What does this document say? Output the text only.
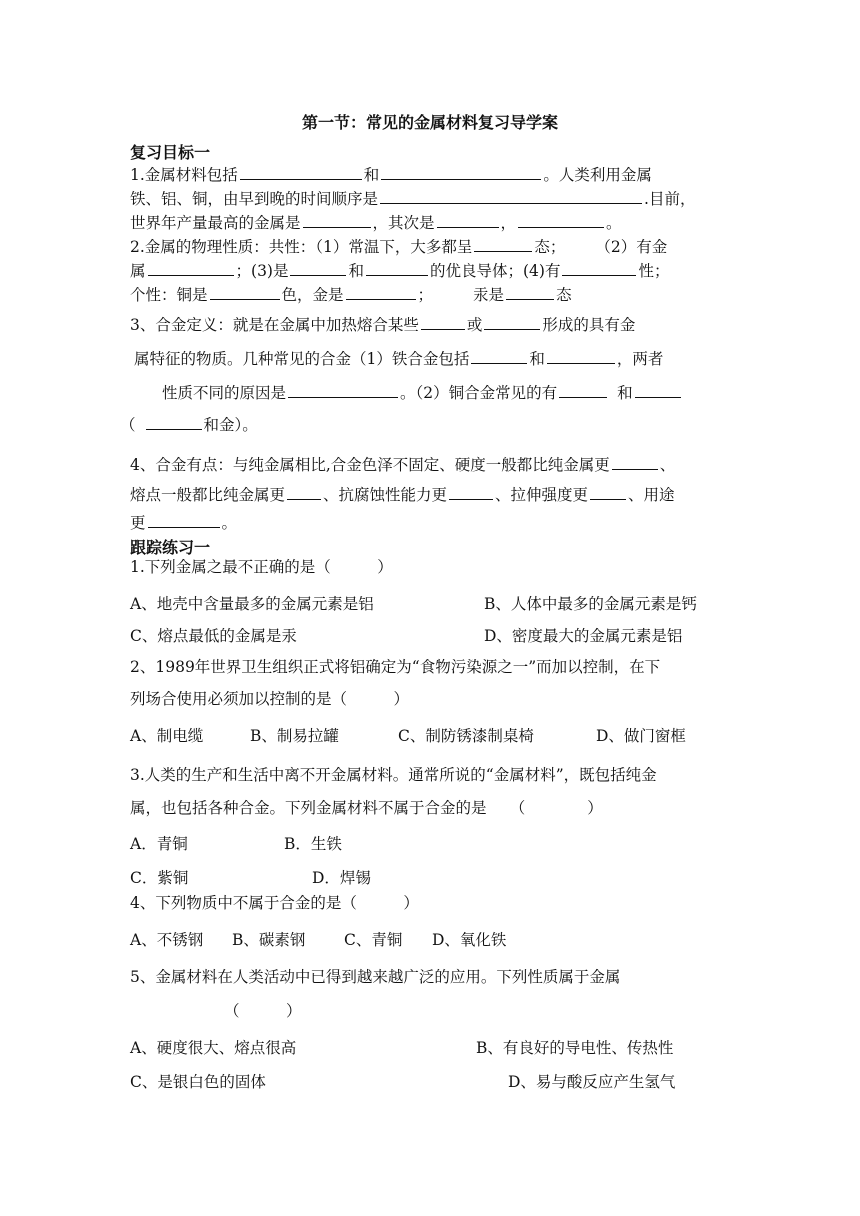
第一节：常见的金属材料复习导学案
复习目标一
1.金属材料包括	和	。人类利用金属
铁、铝、铜，由早到晚的时间顺序是	.目前，
世界年产量最高的金属是	，其次是	，	。
2.金属的物理性质：共性：（1）常温下，大多都呈	态； （2）有金
属	；(3)是	和	的优良导体；(4)有	性；
个性：铜是	色，金是	；	汞是	态
3、合金定义：就是在金属中加热熔合某些	或	形成的具有金
属特征的物质。几种常见的合金（1）铁合金包括	和	，两者
性质不同的原因是	。（2）铜合金常见的有	和
（	和金）。
4、合金有点：与纯金属相比,合金色泽不固定、硬度一般都比纯金属更	、
熔点一般都比纯金属更 、抗腐蚀性能力更	、拉伸强度更	、用途
更	。
跟踪练习一
1.下列金属之最不正确的是（　　　）
A、地壳中含量最多的金属元素是铝	B、人体中最多的金属元素是钙
C、熔点最低的金属是汞	D、密度最大的金属元素是铝
2、1989年世界卫生组织正式将铝确定为“食物污染源之一”而加以控制，在下
列场合使用必须加以控制的是（　　　）
A、制电缆	B、制易拉罐	C、制防锈漆制桌椅	D、做门窗框
3.人类的生产和生活中离不开金属材料。通常所说的“金属材料”，既包括纯金
属，也包括各种合金。下列金属材料不属于合金的是　　（　　　　）
A．青铜	B．生铁
C．紫铜	D．焊锡
4、下列物质中不属于合金的是（　　　）
A、不锈钢 B、碳素钢 C、青铜 D、氧化铁
5、金属材料在人类活动中已得到越来越广泛的应用。下列性质属于金属
（　　　）
A、硬度很大、熔点很高	B、有良好的导电性、传热性
C、是银白色的固体	D、易与酸反应产生氢气
